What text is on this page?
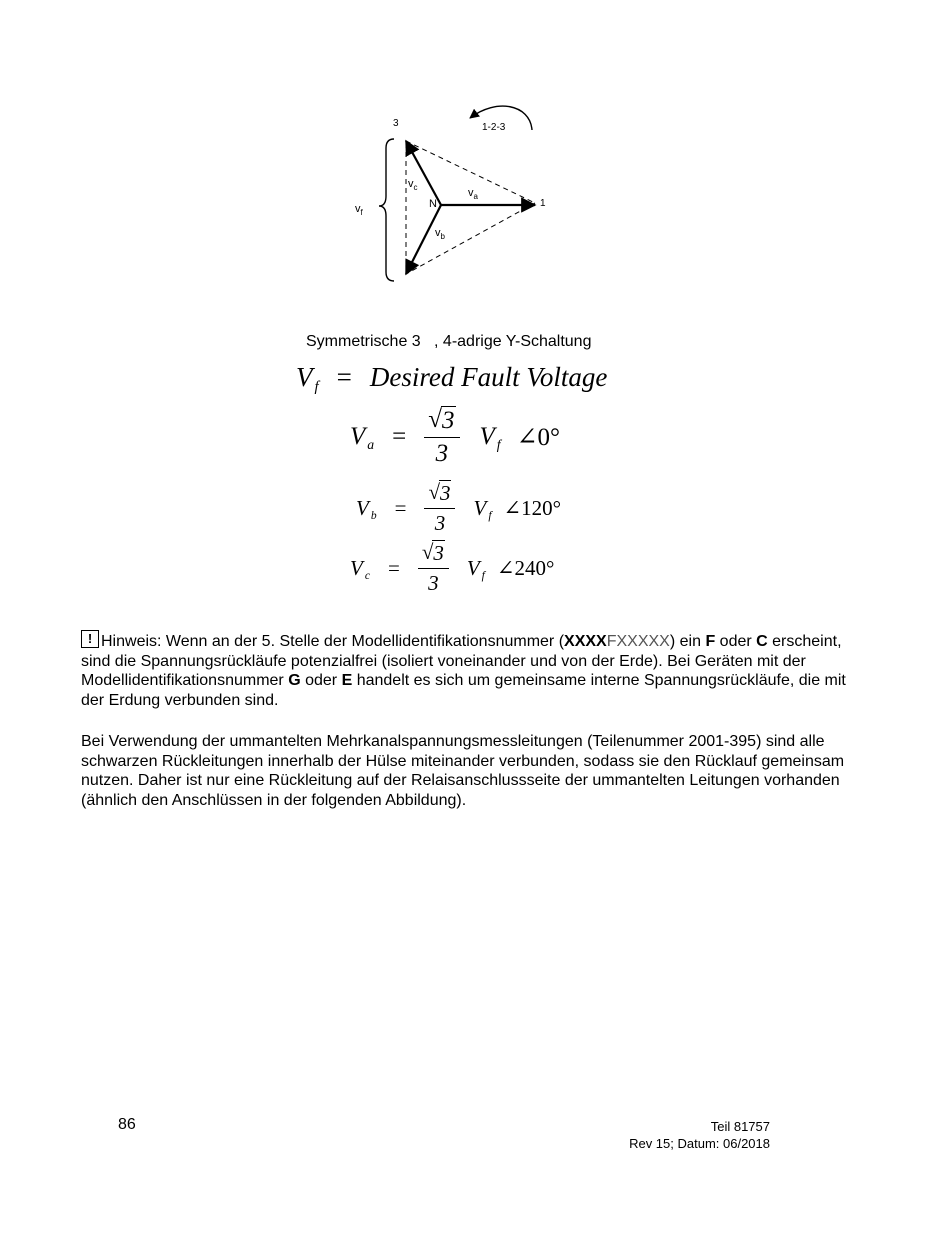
1-2-3
3
1
N
$v_f$
$v_a$
$v_b$
$v_c$
Symmetrische 3   , 4-adrige Y-Schaltung
Vf = Desired Fault Voltage
$Va = \frac{√ 3}{3}$ Vf ∠0°
$Vb = \frac{√ 3}{3}$ Vf ∠120°
$Vc = \frac{√ 3}{3}$ Vf ∠240°
! Hinweis: Wenn an der 5. Stelle der Modellidentifikationsnummer (XXXXFXXXXX) ein F oder C erscheint, sind die Spannungsrückläufe potenzialfrei (isoliert voneinander und von der Erde). Bei Geräten mit der Modellidentifikationsnummer G oder E handelt es sich um gemeinsame interne Spannungsrückläufe, die mit der Erdung verbunden sind.
Bei Verwendung der ummantelten Mehrkanalspannungsmessleitungen (Teilenummer 2001-395) sind alle schwarzen Rückleitungen innerhalb der Hülse miteinander verbunden, sodass sie den Rücklauf gemeinsam nutzen. Daher ist nur eine Rückleitung auf der Relaisanschlussseite der ummantelten Leitungen vorhanden (ähnlich den Anschlüssen in der folgenden Abbildung).
86	Teil 81757
Rev 15; Datum: 06/2018
